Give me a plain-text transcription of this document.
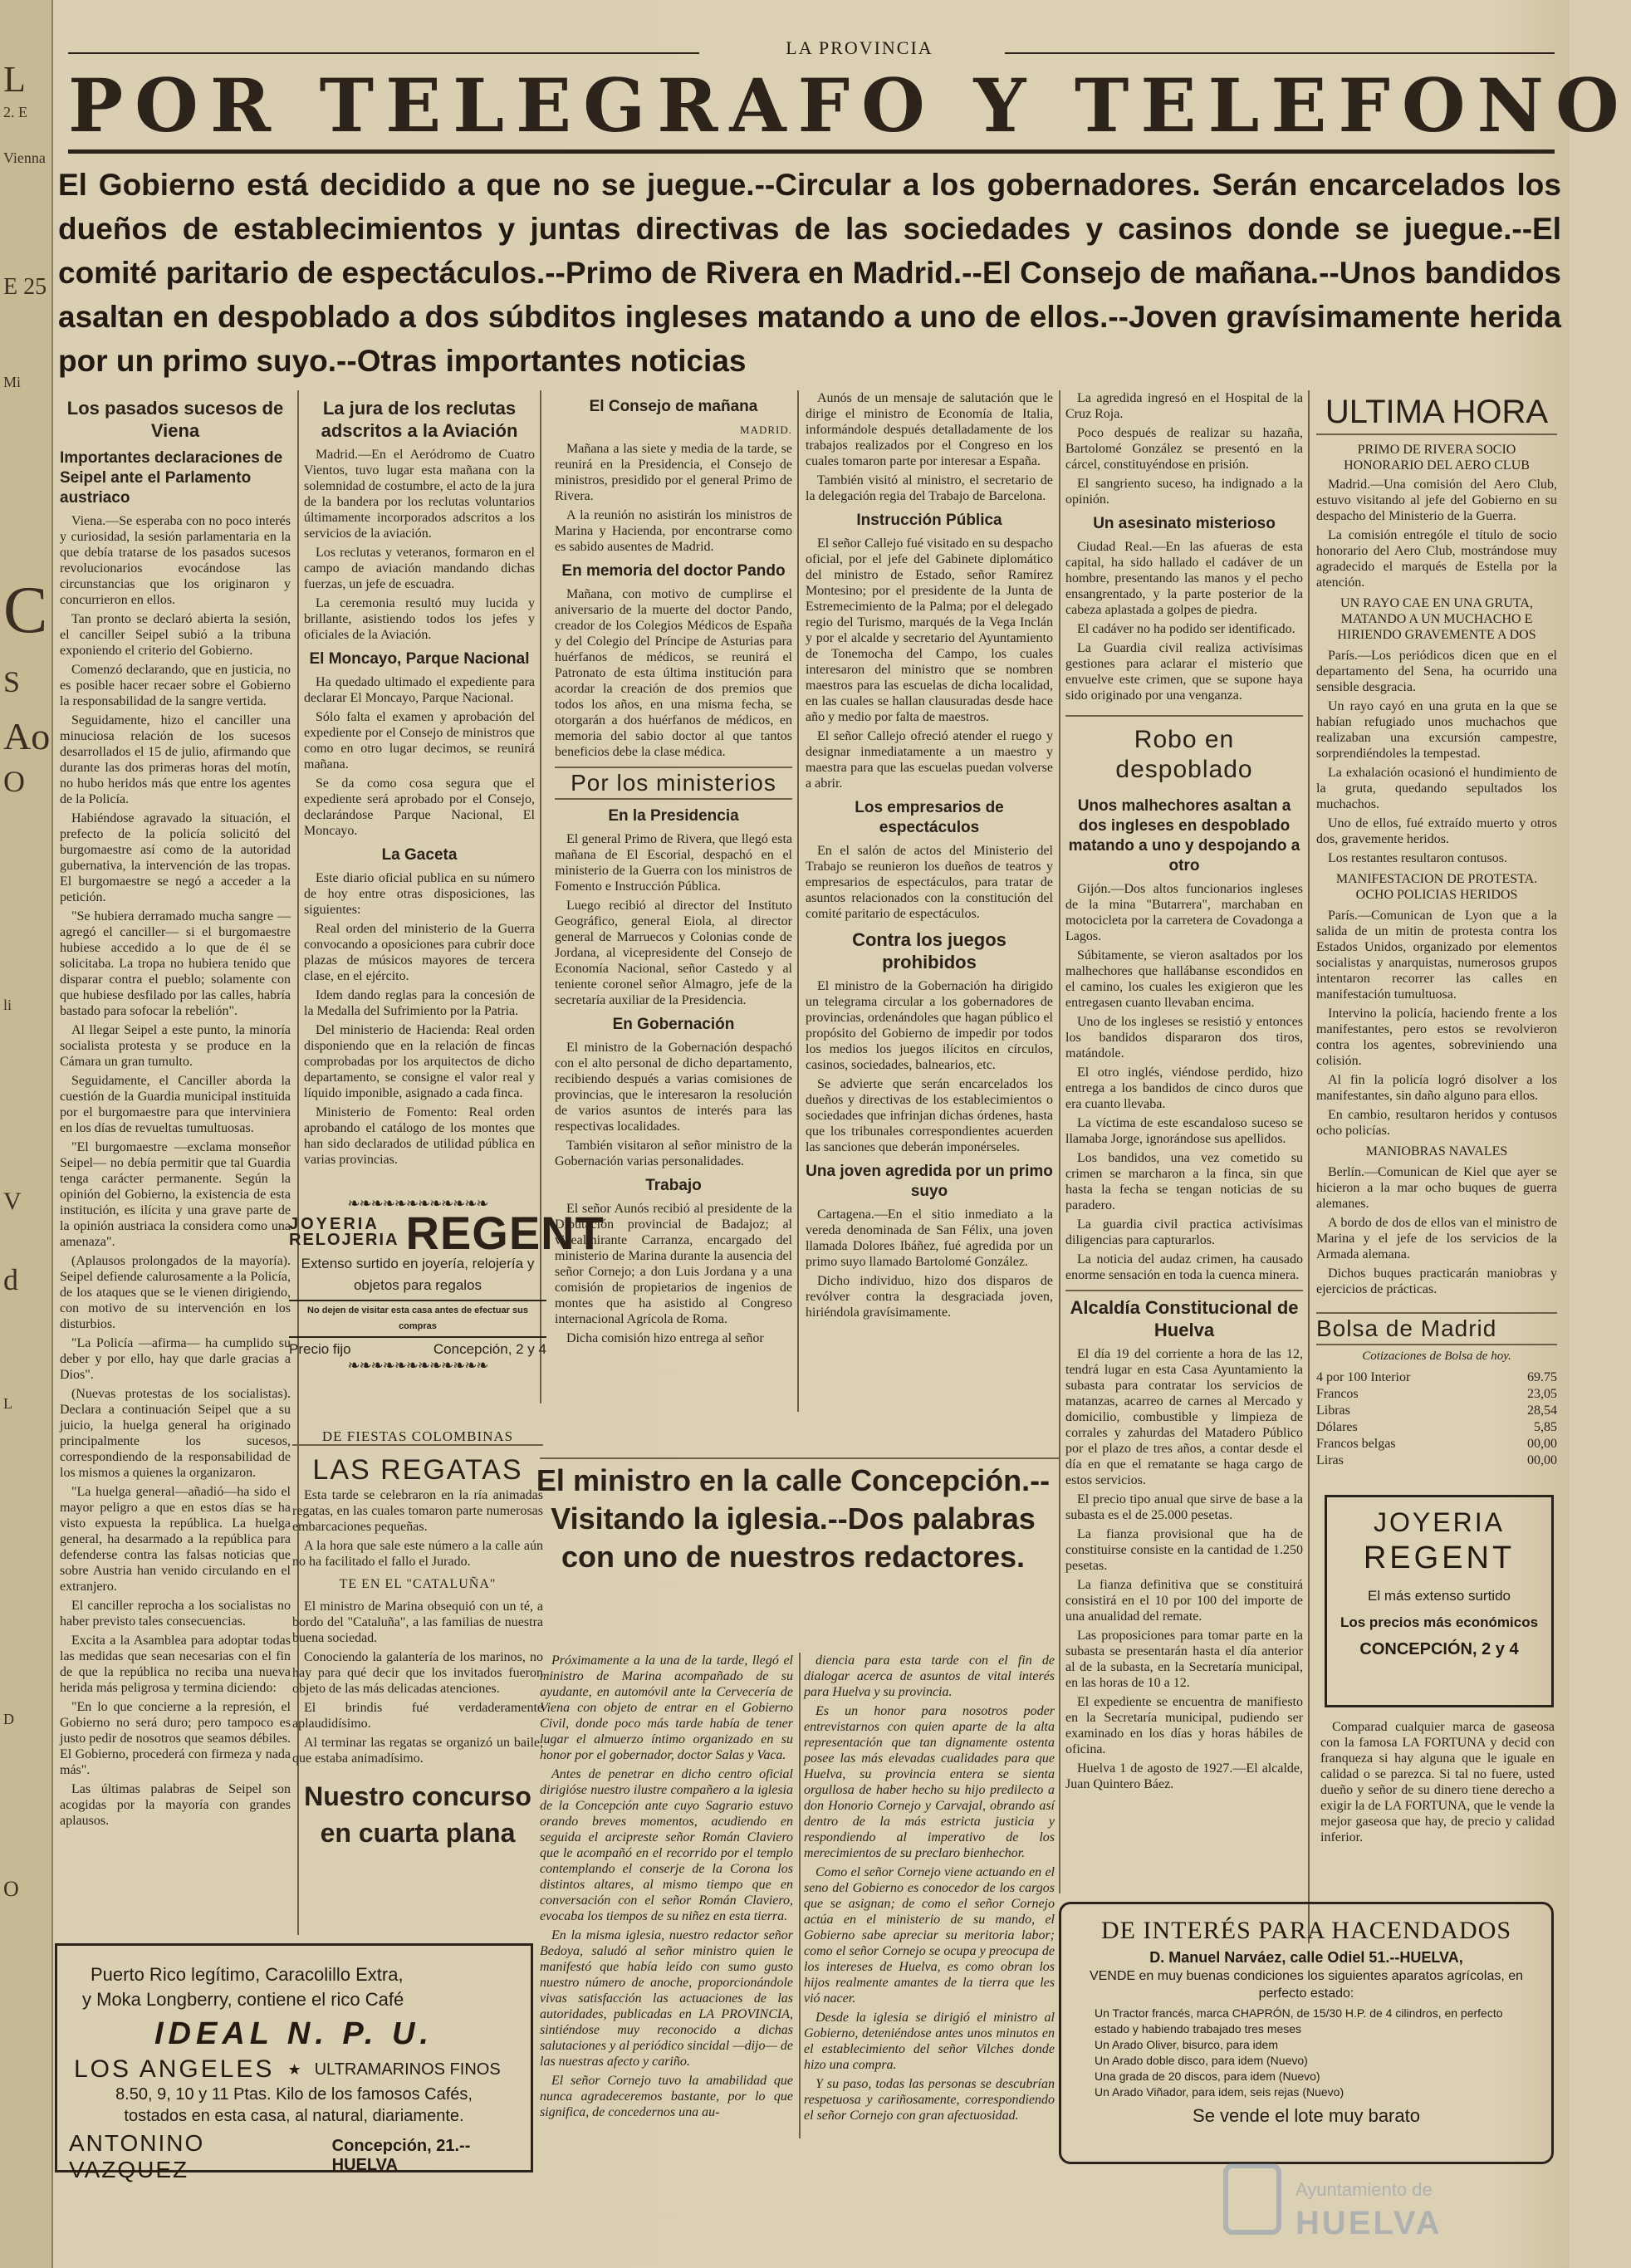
L
2. E
Vienna
E 25
Mi
C
Ao
O
S
li
V
d
L
D
O
LA PROVINCIA
POR TELEGRAFO Y TELEFONO
El Gobierno está decidido a que no se juegue.--Circular a los gobernadores. Serán encarcelados los dueños de establecimientos y juntas directivas de las sociedades y casinos donde se juegue.--El comité paritario de espectáculos.--Primo de Rivera en Madrid.--El Consejo de mañana.--Unos bandidos asaltan en despoblado a dos súbditos ingleses matando a uno de ellos.--Joven gravísimamente herida por un primo suyo.--Otras importantes noticias
Los pasados sucesos de Viena
Importantes declaraciones de Seipel ante el Parlamento austriaco

Viena.—Se esperaba con no poco interés y curiosidad, la sesión parlamentaria en la que debía tratarse de los pasados sucesos revolucionarios evocándose las circunstancias que los originaron y concurrieron en ellos.

Tan pronto se declaró abierta la sesión, el canciller Seipel subió a la tribuna exponiendo el criterio del Gobierno.

Comenzó declarando, que en justicia, no es posible hacer recaer sobre el Gobierno la responsabilidad de la sangre vertida.

Seguidamente, hizo el canciller una minuciosa relación de los sucesos desarrollados el 15 de julio, afirmando que durante las dos primeras horas del motín, no hubo heridos más que entre los agentes de la Policía.

Habiéndose agravado la situación, el prefecto de la policía solicitó del burgomaestre así como de la autoridad gubernativa, la intervención de las tropas. El burgomaestre se negó a acceder a la petición.

"Se hubiera derramado mucha sangre —agregó el canciller— si el burgomaestre hubiese accedido a lo que de él se solicitaba. La tropa no hubiera tenido que disparar contra el pueblo; solamente con que hubiese desfilado por las calles, habría bastado para sofocar la rebelión".

Al llegar Seipel a este punto, la minoría socialista protesta y se produce en la Cámara un gran tumulto.

Seguidamente, el Canciller aborda la cuestión de la Guardia municipal instituida por el burgomaestre para que interviniera en los días de revueltas tumultuosas.

"El burgomaestre —exclama monseñor Seipel— no debía permitir que tal Guardia tenga carácter permanente. Según la opinión del Gobierno, la existencia de esta institución, es ilícita y una grave parte de la opinión austriaca la considera como una amenaza".

(Aplausos prolongados de la mayoría). Seipel defiende calurosamente a la Policía, de los ataques que se le vienen dirigiendo, con motivo de su intervención en los disturbios.

"La Policía —afirma— ha cumplido su deber y por ello, hay que darle gracias a Dios".

(Nuevas protestas de los socialistas). Declara a continuación Seipel que a su juicio, la huelga general ha originado principalmente los sucesos, correspondiendo de la responsabilidad de los mismos a quienes la organizaron.

"La huelga general—añadió—ha sido el mayor peligro a que en estos días se ha visto expuesta la república. La huelga general, ha desarmado a la república para defenderse contra las falsas noticias que sobre Austria han venido circulando en el extranjero.

El canciller reprocha a los socialistas no haber previsto tales consecuencias.

Excita a la Asamblea para adoptar todas las medidas que sean necesarias con el fin de que la república no reciba una nueva herida más peligrosa y termina diciendo:

"En lo que concierne a la represión, el Gobierno no será duro; pero tampoco es justo pedir de nosotros que seamos débiles. El Gobierno, procederá con firmeza y nada más".

Las últimas palabras de Seipel son acogidas por la mayoría con grandes aplausos.

La jura de los reclutas adscritos a la Aviación

Madrid.—En el Aeródromo de Cuatro Vientos, tuvo lugar esta mañana con la solemnidad de costumbre, el acto de la jura de la bandera por los reclutas voluntarios últimamente incorporados adscritos a los servicios de la aviación.

Los reclutas y veteranos, formaron en el campo de aviación mandando dichas fuerzas, un jefe de escuadra.

La ceremonia resultó muy lucida y brillante, asistiendo todos los jefes y oficiales de la Aviación.

El Moncayo, Parque Nacional

Ha quedado ultimado el expediente para declarar El Moncayo, Parque Nacional.

Sólo falta el examen y aprobación del expediente por el Consejo de ministros que como en otro lugar decimos, se reunirá mañana.

Se da como cosa segura que el expediente será aprobado por el Consejo, declarándose Parque Nacional, El Moncayo.

La Gaceta

Este diario oficial publica en su número de hoy entre otras disposiciones, las siguientes:

Real orden del ministerio de la Guerra convocando a oposiciones para cubrir doce plazas de músicos mayores de tercera clase, en el ejército.

Idem dando reglas para la concesión de la Medalla del Sufrimiento por la Patria.

Del ministerio de Hacienda: Real orden disponiendo que en la relación de fincas comprobadas por los arquitectos de dicho departamento, se consigne el valor real y líquido imponible, asignado a cada finca.

Ministerio de Fomento: Real orden aprobando el catálogo de los montes que han sido declarados de utilidad pública en varias provincias.

❧❧❧❧❧❧❧❧❧❧❧❧
JOYERIA
RELOJERIA REGENT
Extenso surtido en joyería, relojería y objetos para regalos
No dejen de visitar esta casa antes de efectuar sus compras
Precio fijo	Concepción, 2 y 4
❧❧❧❧❧❧❧❧❧❧❧❧
DE FIESTAS COLOMBINAS
LAS REGATAS

Esta tarde se celebraron en la ría animadas regatas, en las cuales tomaron parte numerosas embarcaciones pequeñas.

A la hora que sale este número a la calle aún no ha facilitado el fallo el Jurado.

TE EN EL "CATALUÑA"

El ministro de Marina obsequió con un té, a bordo del "Cataluña", a las familias de nuestra buena sociedad.

Conociendo la galantería de los marinos, no hay para qué decir que los invitados fueron objeto de las más delicadas atenciones.

El brindis fué verdaderamente aplaudidísimo.

Al terminar las regatas se organizó un baile, que estaba animadísimo.

Nuestro concurso en cuarta plana
El Consejo de mañana
MADRID.

Mañana a las siete y media de la tarde, se reunirá en la Presidencia, el Consejo de ministros, presidido por el general Primo de Rivera.

A la reunión no asistirán los ministros de Marina y Hacienda, por encontrarse como es sabido ausentes de Madrid.

En memoria del doctor Pando

Mañana, con motivo de cumplirse el aniversario de la muerte del doctor Pando, creador de los Colegios Médicos de España y del Colegio del Príncipe de Asturias para huérfanos de médicos, se reunirá el Patronato de esta última institución para acordar la creación de dos premios que todos los años, en una misma fecha, se otorgarán a dos huérfanos de médicos, en memoria del sabio doctor al que tantos beneficios debe la clase médica.

Por los ministerios
En la Presidencia

El general Primo de Rivera, que llegó esta mañana de El Escorial, despachó en el ministerio de la Guerra con los ministros de Fomento e Instrucción Pública.

Luego recibió al director del Instituto Geográfico, general Eiola, al director general de Marruecos y Colonias conde de Jordana, al vicepresidente del Consejo de Economía Nacional, señor Castedo y al teniente coronel señor Almagro, jefe de la secretaría auxiliar de la Presidencia.

En Gobernación

El ministro de la Gobernación despachó con el alto personal de dicho departamento, recibiendo después a varias comisiones de provincias, que le interesaron la resolución de varios asuntos de interés para las respectivas localidades.

También visitaron al señor ministro de la Gobernación varias personalidades.

Trabajo

El señor Aunós recibió al presidente de la Diputación provincial de Badajoz; al vicealmirante Carranza, encargado del ministerio de Marina durante la ausencia del señor Cornejo; a don Luis Jordana y a una comisión de propietarios de ingenios de montes que ha asistido al Congreso internacional Agrícola de Roma.

Dicha comisión hizo entrega al señor

Aunós de un mensaje de salutación que le dirige el ministro de Economía de Italia, informándole después detalladamente de los trabajos realizados por el Congreso en los cuales tomaron parte por interesar a España.

También visitó al ministro, el secretario de la delegación regia del Trabajo de Barcelona.

Instrucción Pública

El señor Callejo fué visitado en su despacho oficial, por el jefe del Gabinete diplomático del ministro de Estado, señor Ramírez Montesino; por el presidente de la Junta de Estremecimiento de la Palma; por el delegado regio del Turismo, marqués de la Vega Inclán y por el alcalde y secretario del Ayuntamiento de Tonemocha del Campo, los cuales interesaron del ministro que se nombren maestros para las escuelas de dicha localidad, en las cuales se hallan clausuradas desde hace año y medio por falta de maestros.

El señor Callejo ofreció atender el ruego y designar inmediatamente a un maestro y maestra para que las escuelas puedan volverse a abrir.

Los empresarios de espectáculos

En el salón de actos del Ministerio del Trabajo se reunieron los dueños de teatros y empresarios de espectáculos, para tratar de asuntos relacionados con la constitución del comité paritario de espectáculos.

Contra los juegos prohibidos

El ministro de la Gobernación ha dirigido un telegrama circular a los gobernadores de provincias, ordenándoles que hagan público el propósito del Gobierno de impedir por todos los medios los juegos ilícitos en círculos, casinos, sociedades, balnearios, etc.

Se advierte que serán encarcelados los dueños y directivas de los establecimientos o sociedades que infrinjan dichas órdenes, hasta que los tribunales correspondientes acuerden las sanciones que deberán imponérseles.

Una joven agredida por un primo suyo

Cartagena.—En el sitio inmediato a la vereda denominada de San Félix, una joven llamada Dolores Ibáñez, fué agredida por un primo suyo llamado Bartolomé González.

Dicho individuo, hizo dos disparos de revólver contra la desgraciada joven, hiriéndola gravísimamente.

La agredida ingresó en el Hospital de la Cruz Roja.

Poco después de realizar su hazaña, Bartolomé González se presentó en la cárcel, constituyéndose en prisión.

El sangriento suceso, ha indignado a la opinión.

Un asesinato misterioso

Ciudad Real.—En las afueras de esta capital, ha sido hallado el cadáver de un hombre, presentando las manos y el pecho ensangrentado, y la parte posterior de la cabeza aplastada a golpes de piedra.

El cadáver no ha podido ser identificado.

La Guardia civil realiza activísimas gestiones para aclarar el misterio que envuelve este crimen, que se supone haya sido originado por una venganza.

Robo en despoblado
Unos malhechores asaltan a dos ingleses en despoblado matando a uno y despojando a otro

Gijón.—Dos altos funcionarios ingleses de la mina "Butarrera", marchaban en motocicleta por la carretera de Covadonga a Lagos.

Súbitamente, se vieron asaltados por los malhechores que hallábanse escondidos en el camino, los cuales les exigieron que les entregasen cuanto llevaban encima.

Uno de los ingleses se resistió y entonces los bandidos dispararon dos tiros, matándole.

El otro inglés, viéndose perdido, hizo entrega a los bandidos de cinco duros que era cuanto llevaba.

La víctima de este escandaloso suceso se llamaba Jorge, ignorándose sus apellidos.

Los bandidos, una vez cometido su crimen se marcharon a la finca, sin que hasta la fecha se tengan noticias de su paradero.

La guardia civil practica activísimas diligencias para capturarlos.

La noticia del audaz crimen, ha causado enorme sensación en toda la cuenca minera.

Alcaldía Constitucional de Huelva

El día 19 del corriente a hora de las 12, tendrá lugar en esta Casa Ayuntamiento la subasta para contratar los servicios de matanzas, acarreo de carnes al Mercado y domicilio, combustible y limpieza de corrales y zahurdas del Matadero Público por el plazo de tres años, a contar desde el día en que el rematante se haga cargo de estos servicios.

El precio tipo anual que sirve de base a la subasta es el de 25.000 pesetas.

La fianza provisional que ha de constituirse consiste en la cantidad de 1.250 pesetas.

La fianza definitiva que se constituirá consistirá en el 10 por 100 del importe de una anualidad del remate.

Las proposiciones para tomar parte en la subasta se presentarán hasta el día anterior al de la subasta, en la Secretaría municipal, en las horas de 10 a 12.

El expediente se encuentra de manifiesto en la Secretaría municipal, pudiendo ser examinado en los días y horas hábiles de oficina.

Huelva 1 de agosto de 1927.—El alcalde, Juan Quintero Báez.

ULTIMA HORA
PRIMO DE RIVERA SOCIO HONORARIO DEL AERO CLUB

Madrid.—Una comisión del Aero Club, estuvo visitando al jefe del Gobierno en su despacho del Ministerio de la Guerra.

La comisión entrególe el título de socio honorario del Aero Club, mostrándose muy agradecido el marqués de Estella por la atención.

UN RAYO CAE EN UNA GRUTA, MATANDO A UN MUCHACHO E HIRIENDO GRAVEMENTE A DOS

París.—Los periódicos dicen que en el departamento del Sena, ha ocurrido una sensible desgracia.

Un rayo cayó en una gruta en la que se habían refugiado unos muchachos que realizaban una excursión campestre, sorprendiéndoles la tempestad.

La exhalación ocasionó el hundimiento de la gruta, quedando sepultados los muchachos.

Uno de ellos, fué extraído muerto y otros dos, gravemente heridos.

Los restantes resultaron contusos.

MANIFESTACION DE PROTESTA. OCHO POLICIAS HERIDOS

París.—Comunican de Lyon que a la salida de un mitin de protesta contra los Estados Unidos, organizado por elementos socialistas y anarquistas, numerosos grupos intentaron recorrer las calles en manifestación tumultuosa.

Intervino la policía, haciendo frente a los manifestantes, pero estos se revolvieron contra los agentes, sobreviniendo una colisión.

Al fin la policía logró disolver a los manifestantes, sin daño alguno para ellos.

En cambio, resultaron heridos y contusos ocho policías.

MANIOBRAS NAVALES

Berlín.—Comunican de Kiel que ayer se hicieron a la mar ocho buques de guerra alemanes.

A bordo de dos de ellos van el ministro de Marina y el jefe de los servicios de la Armada alemana.

Dichos buques practicarán maniobras y ejercicios de prácticas.

Bolsa de Madrid
Cotizaciones de Bolsa de hoy.
4 por 100 Interior	69.75
Francos	23,05
Libras	28,54
Dólares	5,85
Francos belgas	00,00
Liras	00,00
JOYERIA
REGENT
El más extenso surtido
Los precios más económicos
CONCEPCIÓN, 2 y 4

Comparad cualquier marca de gaseosa con la famosa LA FORTUNA y decid con franqueza si hay alguna que le iguale en calidad o se parezca. Si tal no fuere, usted dueño y señor de su dinero tiene derecho a exigir la de LA FORTUNA, que le vende la mejor gaseosa que hay, de precio y calidad inferior.

El ministro en la calle Concepción.--Visitando la iglesia.--Dos palabras con uno de nuestros redactores.

Próximamente a la una de la tarde, llegó el ministro de Marina acompañado de su ayudante, en automóvil ante la Cervecería de Viena con objeto de entrar en el Gobierno Civil, donde poco más tarde había de tener lugar el almuerzo íntimo organizado en su honor por el gobernador, doctor Salas y Vaca.

Antes de penetrar en dicho centro oficial dirigióse nuestro ilustre compañero a la iglesia de la Concepción ante cuyo Sagrario estuvo orando breves momentos, acudiendo en seguida el arcipreste señor Román Claviero que le acompañó en el recorrido por el templo contemplando el conserje de la Corona los distintos altares, al mismo tiempo que en conversación con el señor Román Claviero, evocaba los tiempos de su niñez en esta tierra.

En la misma iglesia, nuestro redactor señor Bedoya, saludó al señor ministro quien le manifestó que había leído con sumo gusto nuestro número de anoche, proporcionándole vivas satisfacción las actuaciones de las autoridades, publicadas en LA PROVINCIA, sintiéndose muy reconocido a dichas salutaciones y al periódico sincidal —dijo— de las nuestras afecto y cariño.

El señor Cornejo tuvo la amabilidad que nunca agradeceremos bastante, por lo que significa, de concedernos una au-

diencia para esta tarde con el fin de dialogar acerca de asuntos de vital interés para Huelva y su provincia.

Es un honor para nosotros poder entrevistarnos con quien aparte de la alta representación que tan dignamente ostenta posee las más elevadas cualidades para que Huelva, su provincia entera se sienta orgullosa de haber hecho su hijo predilecto a don Honorio Cornejo y Carvajal, obrando así dentro de la más estricta justicia y respondiendo al imperativo de los merecimientos de su preclaro bienhechor.

Como el señor Cornejo viene actuando en el seno del Gobierno es conocedor de los cargos que se asignan; de como el señor Cornejo actúa en el ministerio de su mando, el Gobierno sabe apreciar su meritoria labor; como el señor Cornejo se ocupa y preocupa de los intereses de Huelva, es como obran los hijos realmente amantes de la tierra que les vió nacer.

Desde la iglesia se dirigió el ministro al Gobierno, deteniéndose antes unos minutos en el establecimiento del señor Vilches donde hizo una compra.

Y su paso, todas las personas se descubrían respetuosa y cariñosamente, correspondiendo el señor Cornejo con gran afectuosidad.

Puerto Rico legítimo, Caracolillo Extra,
y Moka Longberry, contiene el rico Café
IDEAL N. P. U.
LOS ANGELES ★ ULTRAMARINOS FINOS
8.50, 9, 10 y 11 Ptas. Kilo de los famosos Cafés,
tostados en esta casa, al natural, diariamente.
ANTONINO VAZQUEZ
Concepción, 21.--HUELVA
DE INTERÉS PARA HACENDADOS
D. Manuel Narváez, calle Odiel 51.--HUELVA,
VENDE en muy buenas condiciones los siguientes aparatos agrícolas, en perfecto estado:
Un Tractor francés, marca CHAPRÓN, de 15/30 H.P. de 4 cilindros, en perfecto estado y habiendo trabajado tres meses
Un Arado Oliver, bisurco, para idem
Un Arado doble disco, para idem (Nuevo)
Una grada de 20 discos, para idem (Nuevo)
Un Arado Viñador, para idem, seis rejas (Nuevo)
Se vende el lote muy barato
Ayuntamiento de
HUELVA
